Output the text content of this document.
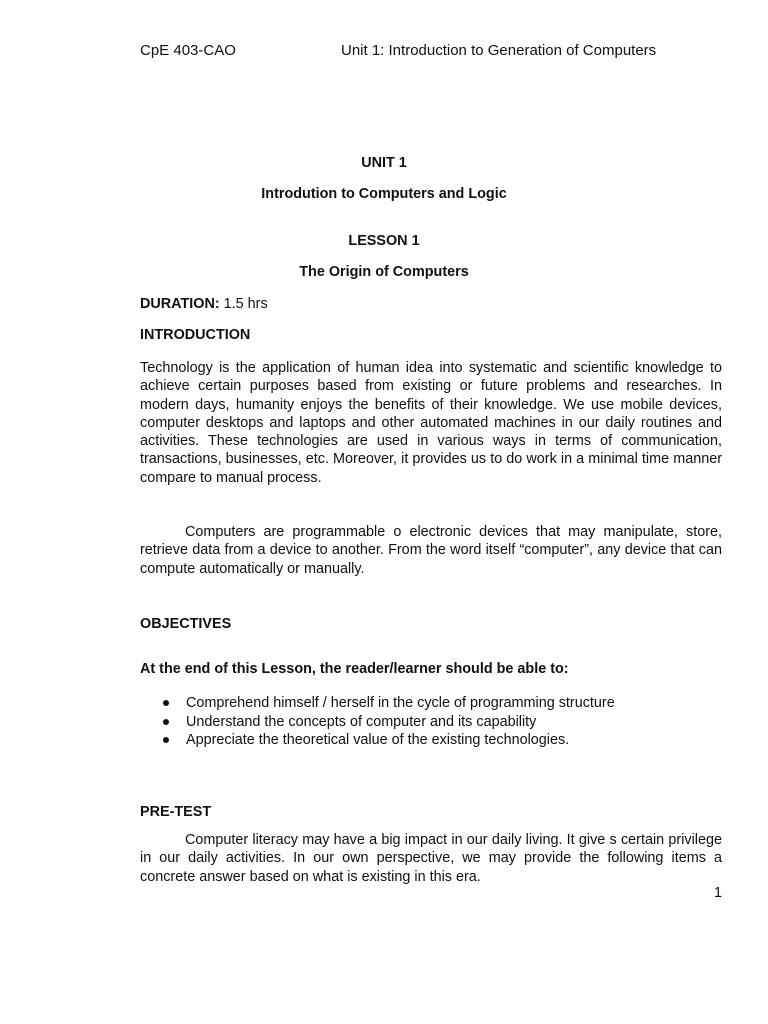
CpE 403-CAO	Unit 1: Introduction to Generation of Computers
UNIT 1
Introdution to Computers and Logic
LESSON 1
The Origin of Computers
DURATION: 1.5 hrs
INTRODUCTION

Technology is the application of human idea into systematic and scientific knowledge to achieve certain purposes based from existing or future problems and researches. In modern days, humanity enjoys the benefits of their knowledge. We use mobile devices, computer desktops and laptops and other automated machines in our daily routines and activities. These technologies are used in various ways in terms of communication, transactions, businesses, etc. Moreover, it provides us to do work in a minimal time manner compare to manual process.

Computers are programmable o electronic devices that may manipulate, store, retrieve data from a device to another. From the word itself “computer”, any device that can compute automatically or manually.

OBJECTIVES
At the end of this Lesson, the reader/learner should be able to:
Comprehend himself / herself in the cycle of programming structure
Understand the concepts of computer and its capability
Appreciate the theoretical value of the existing technologies.
PRE-TEST

Computer literacy may have a big impact in our daily living. It give s certain privilege in our daily activities. In our own perspective, we may provide the following items a concrete answer based on what is existing in this era.

1
